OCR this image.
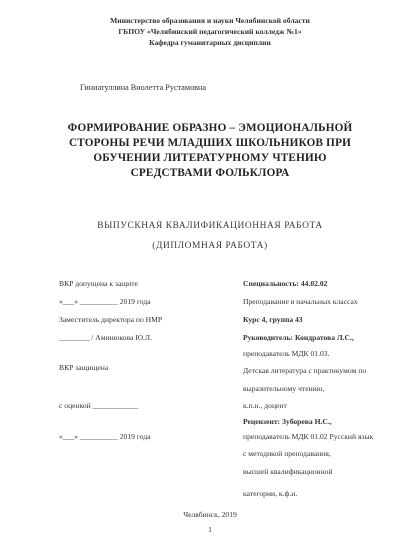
Министерство образования и науки Челябинской области
ГБПОУ «Челябинский педагогический колледж №1»
Кафедра гуманитарных дисциплин
Гиниатуллина Виолетта Рустамовна
ФОРМИРОВАНИЕ ОБРАЗНО – ЭМОЦИОНАЛЬНОЙ
СТОРОНЫ РЕЧИ МЛАДШИХ ШКОЛЬНИКОВ ПРИ
ОБУЧЕНИИ ЛИТЕРАТУРНОМУ ЧТЕНИЮ
СРЕДСТВАМИ ФОЛЬКЛОРА
ВЫПУСКНАЯ КВАЛИФИКАЦИОННАЯ РАБОТА
(ДИПЛОМНАЯ РАБОТА)
ВКР допущена к защите
«___» __________ 2019 года
Заместитель директора по НМР
________ / Аминюкова Ю.Л.
ВКР защищена
с оценкой ____________
«___» __________ 2019 года
Специальность: 44.02.02
Преподавание в начальных классах
Курс 4, группа 43
Руководитель: Кондратова Л.С.,
преподаватель МДК 01.03.
Детская литература с практикумом по
выразительному чтению,
к.п.н., доцент
Рецензент: Зуборева Н.С.,
преподаватель МДК 01.02 Русский язык
с методикой преподавания,
высшей квалификационной
категории, к.ф.н.
Челябинск, 2019
1
